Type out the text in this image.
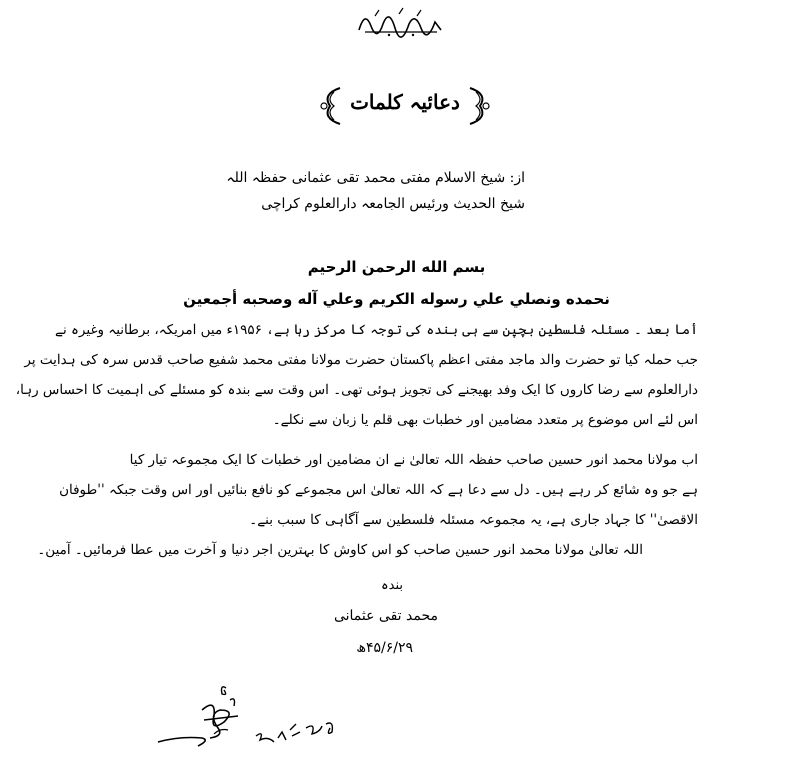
دعائیہ کلمات
از: شیخ الاسلام مفتی محمد تقی عثمانی حفظہ اللہ
شیخ الحدیث ورئیس الجامعہ دارالعلوم کراچی
بسم الله الرحمن الرحيم
نحمده ونصلي علي رسوله الكريم وعلي آله وصحبه أجمعين
أما بعد ۔ مسئلہ فلسطین بچپن سے ہی بندہ کی توجہ کا مرکز رہا ہے، ۱۹۵۶ء میں امریکہ، برطانیہ وغیرہ نے
جب حملہ کیا تو حضرت والد ماجد مفتی اعظم پاکستان حضرت مولانا مفتی محمد شفیع صاحب قدس سرہ کی ہدایت پر
دارالعلوم سے رضا کاروں کا ایک وفد بھیجنے کی تجویز ہوئی تھی۔ اس وقت سے بندہ کو مسئلے کی اہمیت کا احساس رہا،
اس لئے اس موضوع پر متعدد مضامین اور خطبات بھی قلم یا زبان سے نکلے۔
اب مولانا محمد انور حسین صاحب حفظہ اللہ تعالیٰ نے ان مضامین اور خطبات کا ایک مجموعہ تیار کیا
ہے جو وہ شائع کر رہے ہیں۔ دل سے دعا ہے کہ اللہ تعالیٰ اس مجموعے کو نافع بنائیں اور اس وقت جبکہ ''طوفان
الاقصیٰ'' کا جہاد جاری ہے، یہ مجموعہ مسئلہ فلسطین سے آگاہی کا سبب بنے۔
اللہ تعالیٰ مولانا محمد انور حسین صاحب کو اس کاوش کا بہترین اجر دنیا و آخرت میں عطا فرمائیں۔ آمین۔
بندہ
محمد تقی عثمانی
۴۵/۶/۲۹ھ
